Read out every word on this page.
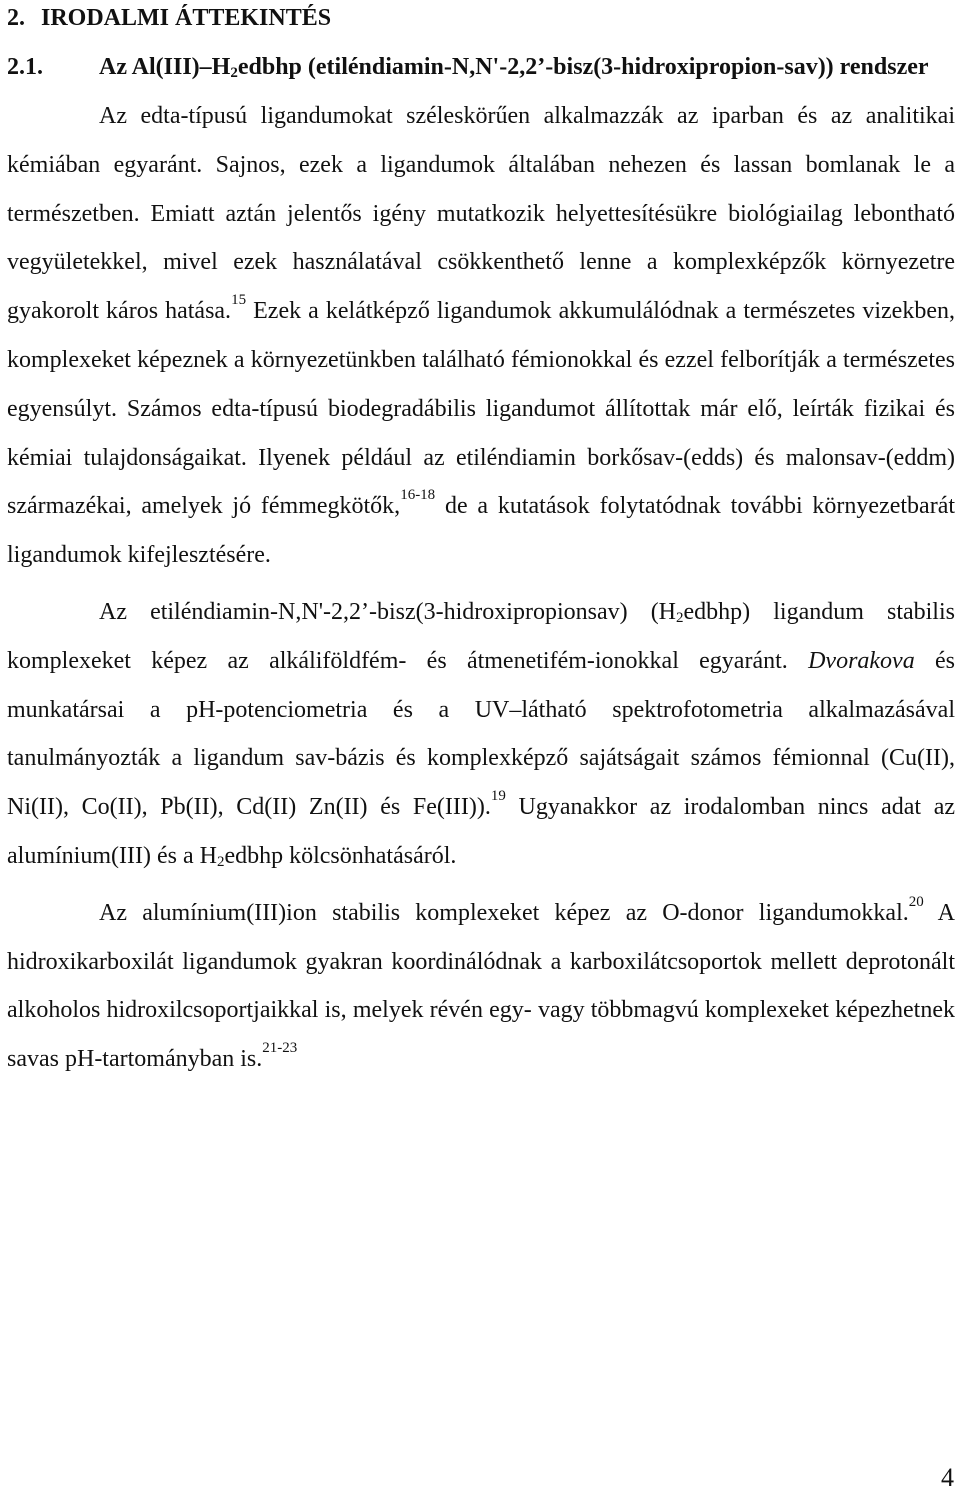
2. IRODALMI ÁTTEKINTÉS
2.1.	Az $Al(III)-H_2edbhp$ (etiléndiamin-N,N'-2,2’-bisz(3-hidroxipropion-sav)) rendszer

Az edta-típusú ligandumokat széleskörűen alkalmazzák az iparban és az analitikai kémiában egyaránt. Sajnos, ezek a ligandumok általában nehezen és lassan bomlanak le a természetben. Emiatt aztán jelentős igény mutatkozik helyettesítésükre biológiailag lebontható vegyületekkel, mivel ezek használatával csökkenthető lenne a komplexképzők környezetre gyakorolt káros hatása.$^{15}$ Ezek a kelátképző ligandumok akkumulálódnak a természetes vizekben, komplexeket képeznek a környezetünkben található fémionokkal és ezzel felborítják a természetes egyensúlyt. Számos edta-típusú biodegradábilis ligandumot állítottak már elő, leírták fizikai és kémiai tulajdonságaikat. Ilyenek például az etiléndiamin borkősav-(edds) és malonsav-(eddm) származékai, amelyek jó fémmegkötők,$^{16-18}$ de a kutatások folytatódnak további környezetbarát ligandumok kifejlesztésére.

Az etiléndiamin-N,N'-2,2’-bisz(3-hidroxipropionsav) $(H_2edbhp)$ ligandum stabilis komplexeket képez az alkáliföldfém- és átmenetifém-ionokkal egyaránt. Dvorakova és munkatársai a pH-potenciometria és a UV–látható spektrofotometria alkalmazásával tanulmányozták a ligandum sav-bázis és komplexképző sajátságait számos fémionnal (Cu(II), Ni(II), Co(II), Pb(II), Cd(II) Zn(II) és Fe(III)).$^{19}$ Ugyanakkor az irodalomban nincs adat az alumínium(III) és a $H_2edbhp$ kölcsönhatásáról.

Az alumínium(III)ion stabilis komplexeket képez az O-donor ligandumokkal.$^{20}$ A hidroxikarboxilát ligandumok gyakran koordinálódnak a karboxilátcsoportok mellett deprotonált alkoholos hidroxilcsoportjaikkal is, melyek révén egy- vagy többmagvú komplexeket képezhetnek savas pH-tartományban is.$^{21-23}$

4
